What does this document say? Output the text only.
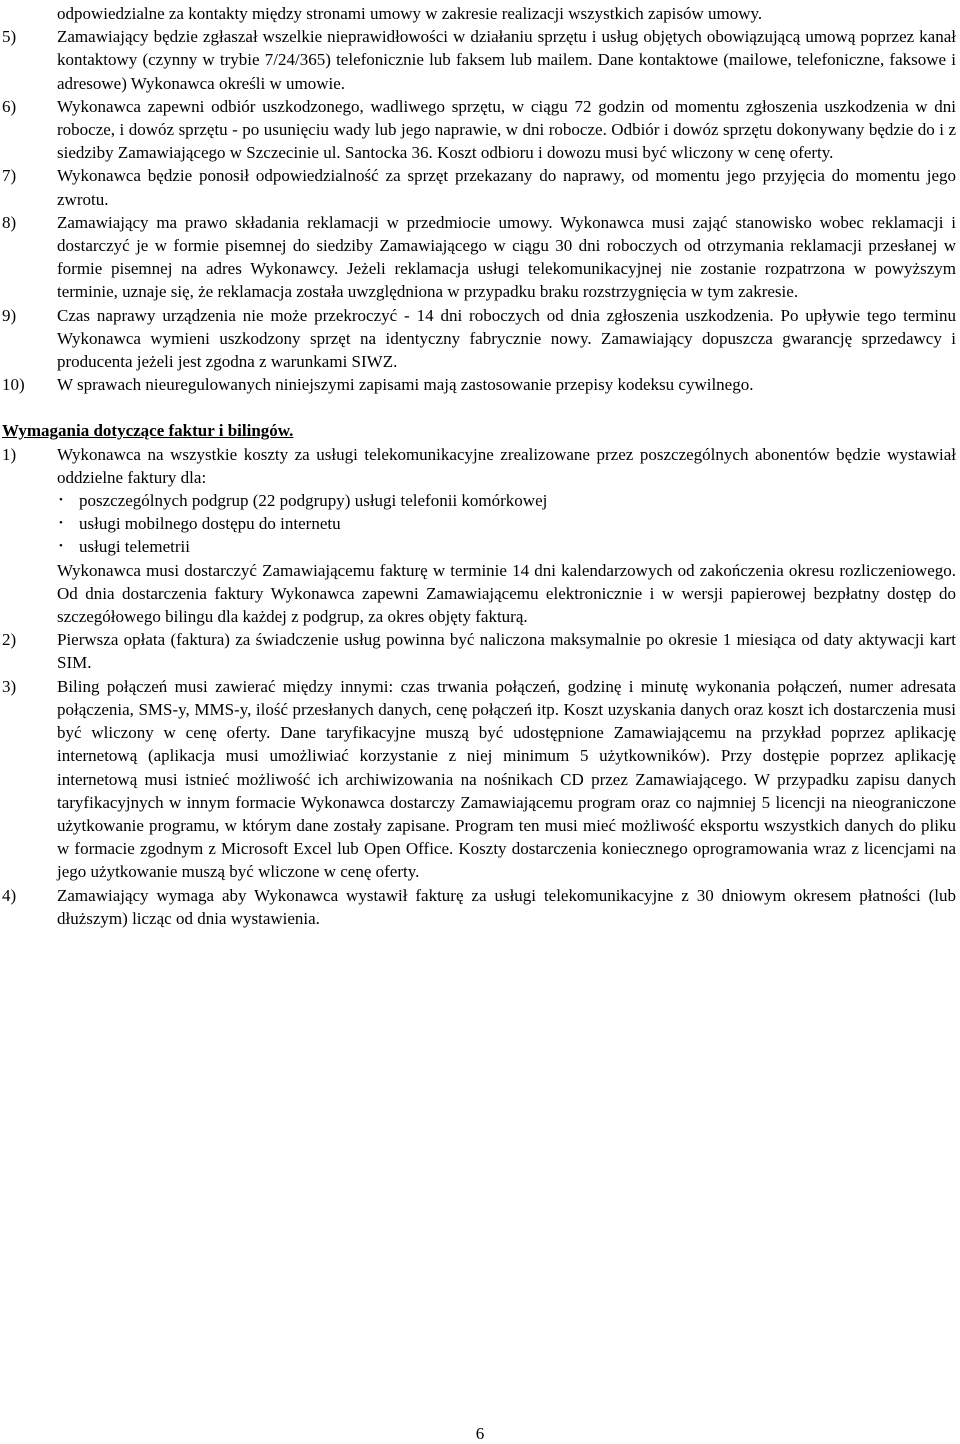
odpowiedzialne za kontakty między stronami umowy w zakresie realizacji wszystkich zapisów umowy.

5)	Zamawiający będzie zgłaszał wszelkie nieprawidłowości w działaniu sprzętu i usług objętych obowiązującą umową poprzez kanał kontaktowy (czynny w trybie 7/24/365) telefonicznie lub faksem lub mailem. Dane kontaktowe (mailowe, telefoniczne, faksowe i adresowe) Wykonawca określi w umowie.
6)	Wykonawca zapewni odbiór uszkodzonego, wadliwego sprzętu, w ciągu 72 godzin od momentu zgłoszenia uszkodzenia w dni robocze, i dowóz sprzętu - po usunięciu wady lub jego naprawie, w dni robocze. Odbiór i dowóz sprzętu dokonywany będzie do i z siedziby Zamawiającego w Szczecinie ul. Santocka 36. Koszt odbioru i dowozu musi być wliczony w cenę oferty.
7)	Wykonawca będzie ponosił odpowiedzialność za sprzęt przekazany do naprawy, od momentu jego przyjęcia do momentu jego zwrotu.
8)	Zamawiający ma prawo składania reklamacji w przedmiocie umowy. Wykonawca musi zająć stanowisko wobec reklamacji i dostarczyć je w formie pisemnej do siedziby Zamawiającego w ciągu 30 dni roboczych od otrzymania reklamacji przesłanej w formie pisemnej na adres Wykonawcy. Jeżeli reklamacja usługi telekomunikacyjnej nie zostanie rozpatrzona w powyższym terminie, uznaje się, że reklamacja została uwzględniona w przypadku braku rozstrzygnięcia w tym zakresie.
9)	Czas naprawy urządzenia nie może przekroczyć - 14 dni roboczych od dnia zgłoszenia uszkodzenia. Po upływie tego terminu Wykonawca wymieni uszkodzony sprzęt na identyczny fabrycznie nowy. Zamawiający dopuszcza gwarancję sprzedawcy i producenta jeżeli jest zgodna z warunkami SIWZ.
10)	W sprawach nieuregulowanych niniejszymi zapisami mają zastosowanie przepisy kodeksu cywilnego.
Wymagania dotyczące faktur i bilingów.
1)	Wykonawca na wszystkie koszty za usługi telekomunikacyjne zrealizowane przez poszczególnych abonentów będzie wystawiał oddzielne faktury dla:
• poszczególnych podgrup (22 podgrupy) usługi telefonii komórkowej
• usługi mobilnego dostępu do internetu
• usługi telemetrii
Wykonawca musi dostarczyć Zamawiającemu fakturę w terminie 14 dni kalendarzowych od zakończenia okresu rozliczeniowego. Od dnia dostarczenia faktury Wykonawca zapewni Zamawiającemu elektronicznie i w wersji papierowej bezpłatny dostęp do szczegółowego bilingu dla każdej z podgrup, za okres objęty fakturą.
2)	Pierwsza opłata (faktura) za świadczenie usług powinna być naliczona maksymalnie po okresie 1 miesiąca od daty aktywacji kart SIM.
3)	Biling połączeń musi zawierać między innymi: czas trwania połączeń, godzinę i minutę wykonania połączeń, numer adresata połączenia, SMS-y, MMS-y, ilość przesłanych danych, cenę połączeń itp. Koszt uzyskania danych oraz koszt ich dostarczenia musi być wliczony w cenę oferty. Dane taryfikacyjne muszą być udostępnione Zamawiającemu na przykład poprzez aplikację internetową (aplikacja musi umożliwiać korzystanie z niej minimum 5 użytkowników). Przy dostępie poprzez aplikację internetową musi istnieć możliwość ich archiwizowania na nośnikach CD przez Zamawiającego. W przypadku zapisu danych taryfikacyjnych w innym formacie Wykonawca dostarczy Zamawiającemu program oraz co najmniej 5 licencji na nieograniczone użytkowanie programu, w którym dane zostały zapisane. Program ten musi mieć możliwość eksportu wszystkich danych do pliku w formacie zgodnym z Microsoft Excel lub Open Office. Koszty dostarczenia koniecznego oprogramowania wraz z licencjami na jego użytkowanie muszą być wliczone w cenę oferty.
4)	Zamawiający wymaga aby Wykonawca wystawił fakturę za usługi telekomunikacyjne z 30 dniowym okresem płatności (lub dłuższym) licząc od dnia wystawienia.
6
